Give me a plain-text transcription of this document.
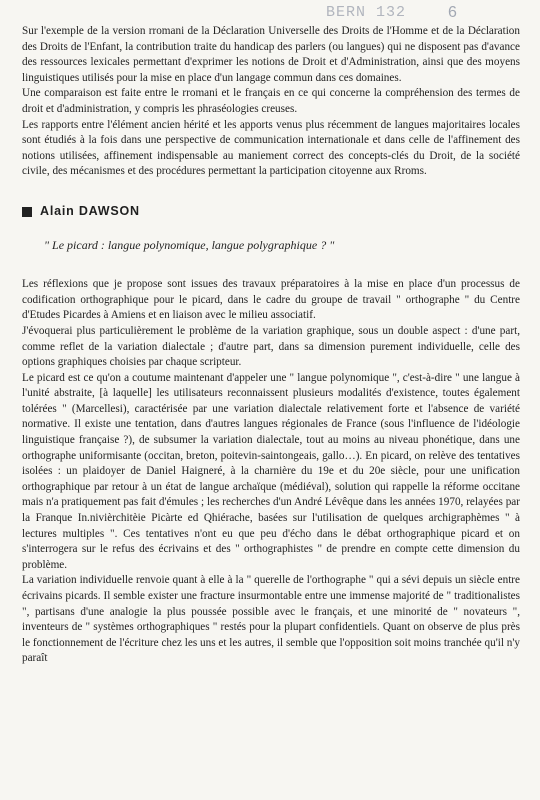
BERN 132	6

Sur l'exemple de la version rromani de la Déclaration Universelle des Droits de l'Homme et de la Déclaration des Droits de l'Enfant, la contribution traite du handicap des parlers (ou langues) qui ne disposent pas d'avance des ressources lexicales permettant d'exprimer les notions de Droit et d'Administration, ainsi que des moyens linguistiques utilisés pour la mise en place d'un langage commun dans ces domaines.

Une comparaison est faite entre le rromani et le français en ce qui concerne la compréhension des termes de droit et d'administration, y compris les phraséologies creuses.

Les rapports entre l'élément ancien hérité et les apports venus plus récemment de langues majoritaires locales sont étudiés à la fois dans une perspective de communication internationale et dans celle de l'affinement des notions utilisées, affinement indispensable au maniement correct des concepts-clés du Droit, de la société civile, des mécanismes et des procédures permettant la participation citoyenne aux Rroms.

Alain DAWSON
" Le picard : langue polynomique, langue polygraphique ? "

Les réflexions que je propose sont issues des travaux préparatoires à la mise en place d'un processus de codification orthographique pour le picard, dans le cadre du groupe de travail " orthographe " du Centre d'Etudes Picardes à Amiens et en liaison avec le milieu associatif.

J'évoquerai plus particulièrement le problème de la variation graphique, sous un double aspect : d'une part, comme reflet de la variation dialectale ; d'autre part, dans sa dimension purement individuelle, celle des options graphiques choisies par chaque scripteur.

Le picard est ce qu'on a coutume maintenant d'appeler une " langue polynomique ", c'est-à-dire " une langue à l'unité abstraite, [à laquelle] les utilisateurs reconnaissent plusieurs modalités d'existence, toutes également tolérées " (Marcellesi), caractérisée par une variation dialectale relativement forte et l'absence de variété normative. Il existe une tentation, dans d'autres langues régionales de France (sous l'influence de l'idéologie linguistique française ?), de subsumer la variation dialectale, tout au moins au niveau phonétique, dans une orthographe uniformisante (occitan, breton, poitevin-saintongeais, gallo…). En picard, on relève des tentatives isolées : un plaidoyer de Daniel Haigneré, à la charnière du 19e et du 20e siècle, pour une unification orthographique par retour à un état de langue archaïque (médiéval), solution qui rappelle la réforme occitane mais n'a pratiquement pas fait d'émules ; les recherches d'un André Lévêque dans les années 1970, relayées par la Franque In.nivièrchitèie Picàrte ed Qhiérache, basées sur l'utilisation de quelques archigraphèmes " à lectures multiples ". Ces tentatives n'ont eu que peu d'écho dans le débat orthographique picard et on s'interrogera sur le refus des écrivains et des " orthographistes " de prendre en compte cette dimension du problème.

La variation individuelle renvoie quant à elle à la " querelle de l'orthographe " qui a sévi depuis un siècle entre écrivains picards. Il semble exister une fracture insurmontable entre une immense majorité de " traditionalistes ", partisans d'une analogie la plus poussée possible avec le français, et une minorité de " novateurs ", inventeurs de " systèmes orthographiques " restés pour la plupart confidentiels. Quant on observe de plus près le fonctionnement de l'écriture chez les uns et les autres, il semble que l'opposition soit moins tranchée qu'il n'y paraît
